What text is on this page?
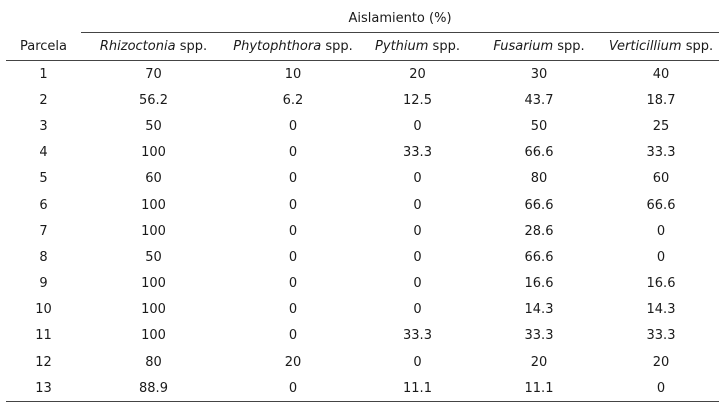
	Aislamiento (%)				
Parcela	Rhizoctonia spp.	Phytophthora spp.	Pythium spp.	Fusarium spp.	Verticillium spp.
1	70	10	20	30	40
2	56.2	6.2	12.5	43.7	18.7
3	50	0	0	50	25
4	100	0	33.3	66.6	33.3
5	60	0	0	80	60
6	100	0	0	66.6	66.6
7	100	0	0	28.6	0
8	50	0	0	66.6	0
9	100	0	0	16.6	16.6
10	100	0	0	14.3	14.3
11	100	0	33.3	33.3	33.3
12	80	20	0	20	20
13	88.9	0	11.1	11.1	0
